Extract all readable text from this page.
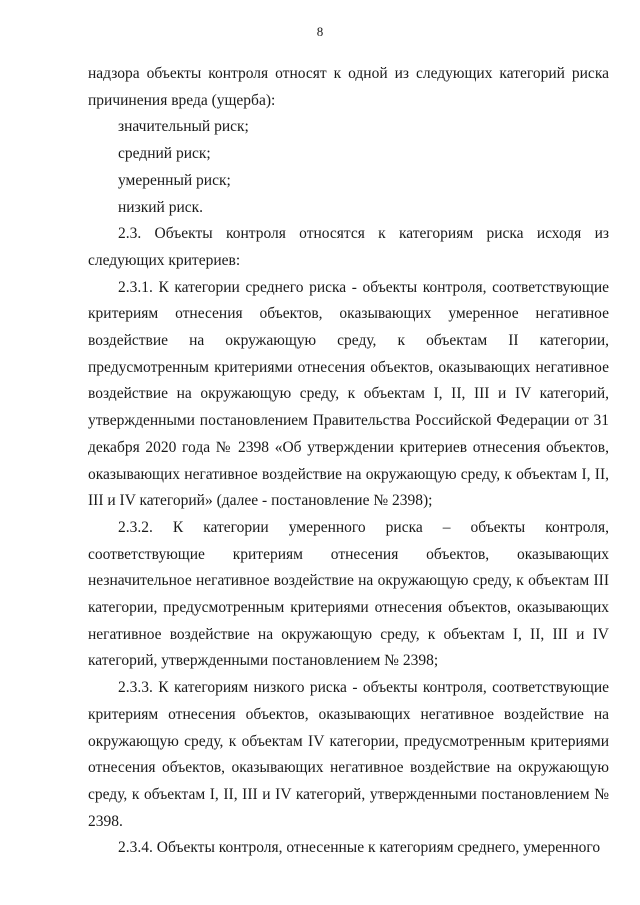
8

надзора объекты контроля относят к одной из следующих категорий риска причинения вреда (ущерба):

значительный риск;

средний риск;

умеренный риск;

низкий риск.

2.3. Объекты контроля относятся к категориям риска исходя из следующих критериев:

2.3.1. К категории среднего риска - объекты контроля, соответствующие критериям отнесения объектов, оказывающих умеренное негативное воздействие на окружающую среду, к объектам II категории, предусмотренным критериями отнесения объектов, оказывающих негативное воздействие на окружающую среду, к объектам I, II, III и IV категорий, утвержденными постановлением Правительства Российской Федерации от 31 декабря 2020 года № 2398 «Об утверждении критериев отнесения объектов, оказывающих негативное воздействие на окружающую среду, к объектам I, II, III и IV категорий» (далее - постановление № 2398);

2.3.2. К категории умеренного риска – объекты контроля, соответствующие критериям отнесения объектов, оказывающих незначительное негативное воздействие на окружающую среду, к объектам III категории, предусмотренным критериями отнесения объектов, оказывающих негативное воздействие на окружающую среду, к объектам I, II, III и IV категорий, утвержденными постановлением № 2398;

2.3.3. К категориям низкого риска - объекты контроля, соответствующие критериям отнесения объектов, оказывающих негативное воздействие на окружающую среду, к объектам IV категории, предусмотренным критериями отнесения объектов, оказывающих негативное воздействие на окружающую среду, к объектам I, II, III и IV категорий, утвержденными постановлением № 2398.

2.3.4. Объекты контроля, отнесенные к категориям среднего, умеренного
